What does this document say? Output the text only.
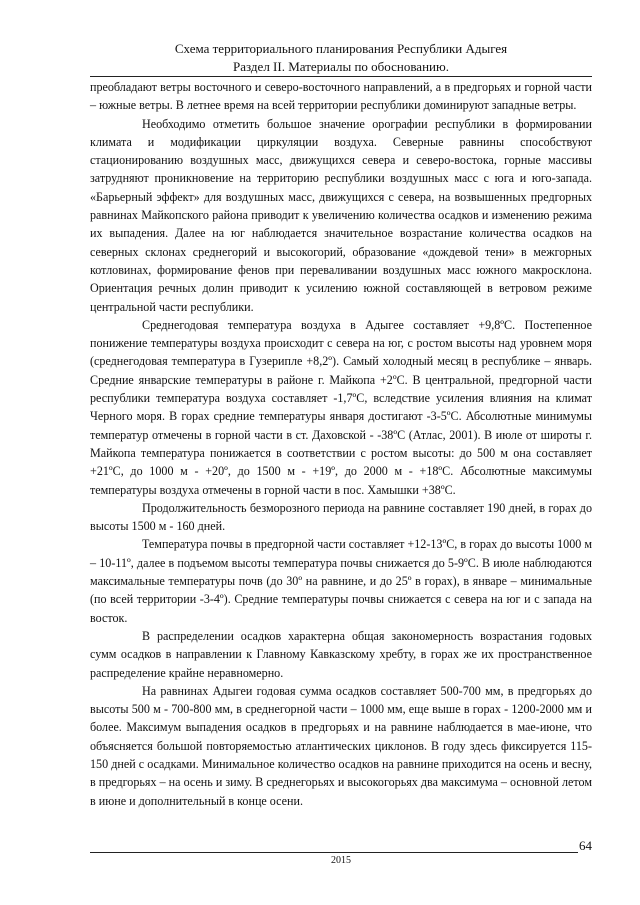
Схема территориального планирования Республики Адыгея
Раздел II. Материалы по обоснованию.

преобладают ветры восточного и северо-восточного направлений, а в предгорьях и горной части – южные ветры. В летнее время на всей территории республики доминируют западные ветры.

Необходимо отметить большое значение орографии республики в формировании климата и модификации циркуляции воздуха. Северные равнины способствуют стационированию воздушных масс, движущихся севера и северо-востока, горные массивы затрудняют проникновение на территорию республики воздушных масс с юга и юго-запада. «Барьерный эффект» для воздушных масс, движущихся с севера, на возвышенных предгорных равнинах Майкопского района приводит к увеличению количества осадков и изменению режима их выпадения. Далее на юг наблюдается значительное возрастание количества осадков на северных склонах среднегорий и высокогорий, образование «дождевой тени» в межгорных котловинах, формирование фенов при переваливании воздушных масс южного макросклона. Ориентация речных долин приводит к усилению южной составляющей в ветровом режиме центральной части республики.

Среднегодовая температура воздуха в Адыгее составляет +9,8ºС. Постепенное понижение температуры воздуха происходит с севера на юг, с ростом высоты над уровнем моря (среднегодовая температура в Гузерипле +8,2º). Самый холодный месяц в республике – январь. Средние январские температуры в районе г. Майкопа +2ºС. В центральной, предгорной части республики температура воздуха составляет -1,7ºС, вследствие усиления влияния на климат Черного моря. В горах средние температуры января достигают -3-5ºС. Абсолютные минимумы температур отмечены в горной части в ст. Даховской - -38ºС (Атлас, 2001). В июле от широты г. Майкопа температура понижается в соответствии с ростом высоты: до 500 м она составляет +21ºС, до 1000 м - +20º, до 1500 м - +19º, до 2000 м - +18ºС. Абсолютные максимумы температуры воздуха отмечены в горной части в пос. Хамышки +38ºС.

Продолжительность безморозного периода на равнине составляет 190 дней, в горах до высоты 1500 м - 160 дней.

Температура почвы в предгорной части составляет +12-13ºС, в горах до высоты 1000 м – 10-11º, далее в подъемом высоты температура почвы снижается до 5-9ºС. В июле наблюдаются максимальные температуры почв (до 30º на равнине, и до 25º в горах), в январе – минимальные (по всей территории -3-4º). Средние температуры почвы снижается с севера на юг и с запада на восток.

В распределении осадков характерна общая закономерность возрастания годовых сумм осадков в направлении к Главному Кавказскому хребту, в горах же их пространственное распределение крайне неравномерно.

На равнинах Адыгеи годовая сумма осадков составляет 500-700 мм, в предгорьях до высоты 500 м - 700-800 мм, в среднегорной части – 1000 мм, еще выше в горах - 1200-2000 мм и более. Максимум выпадения осадков в предгорьях и на равнине наблюдается в мае-июне, что объясняется большой повторяемостью атлантических циклонов. В году здесь фиксируется 115-150 дней с осадками. Минимальное количество осадков на равнине приходится на осень и весну, в предгорьях – на осень и зиму. В среднегорьях и высокогорьях два максимума – основной летом в июне и дополнительный в конце осени.

64
2015
